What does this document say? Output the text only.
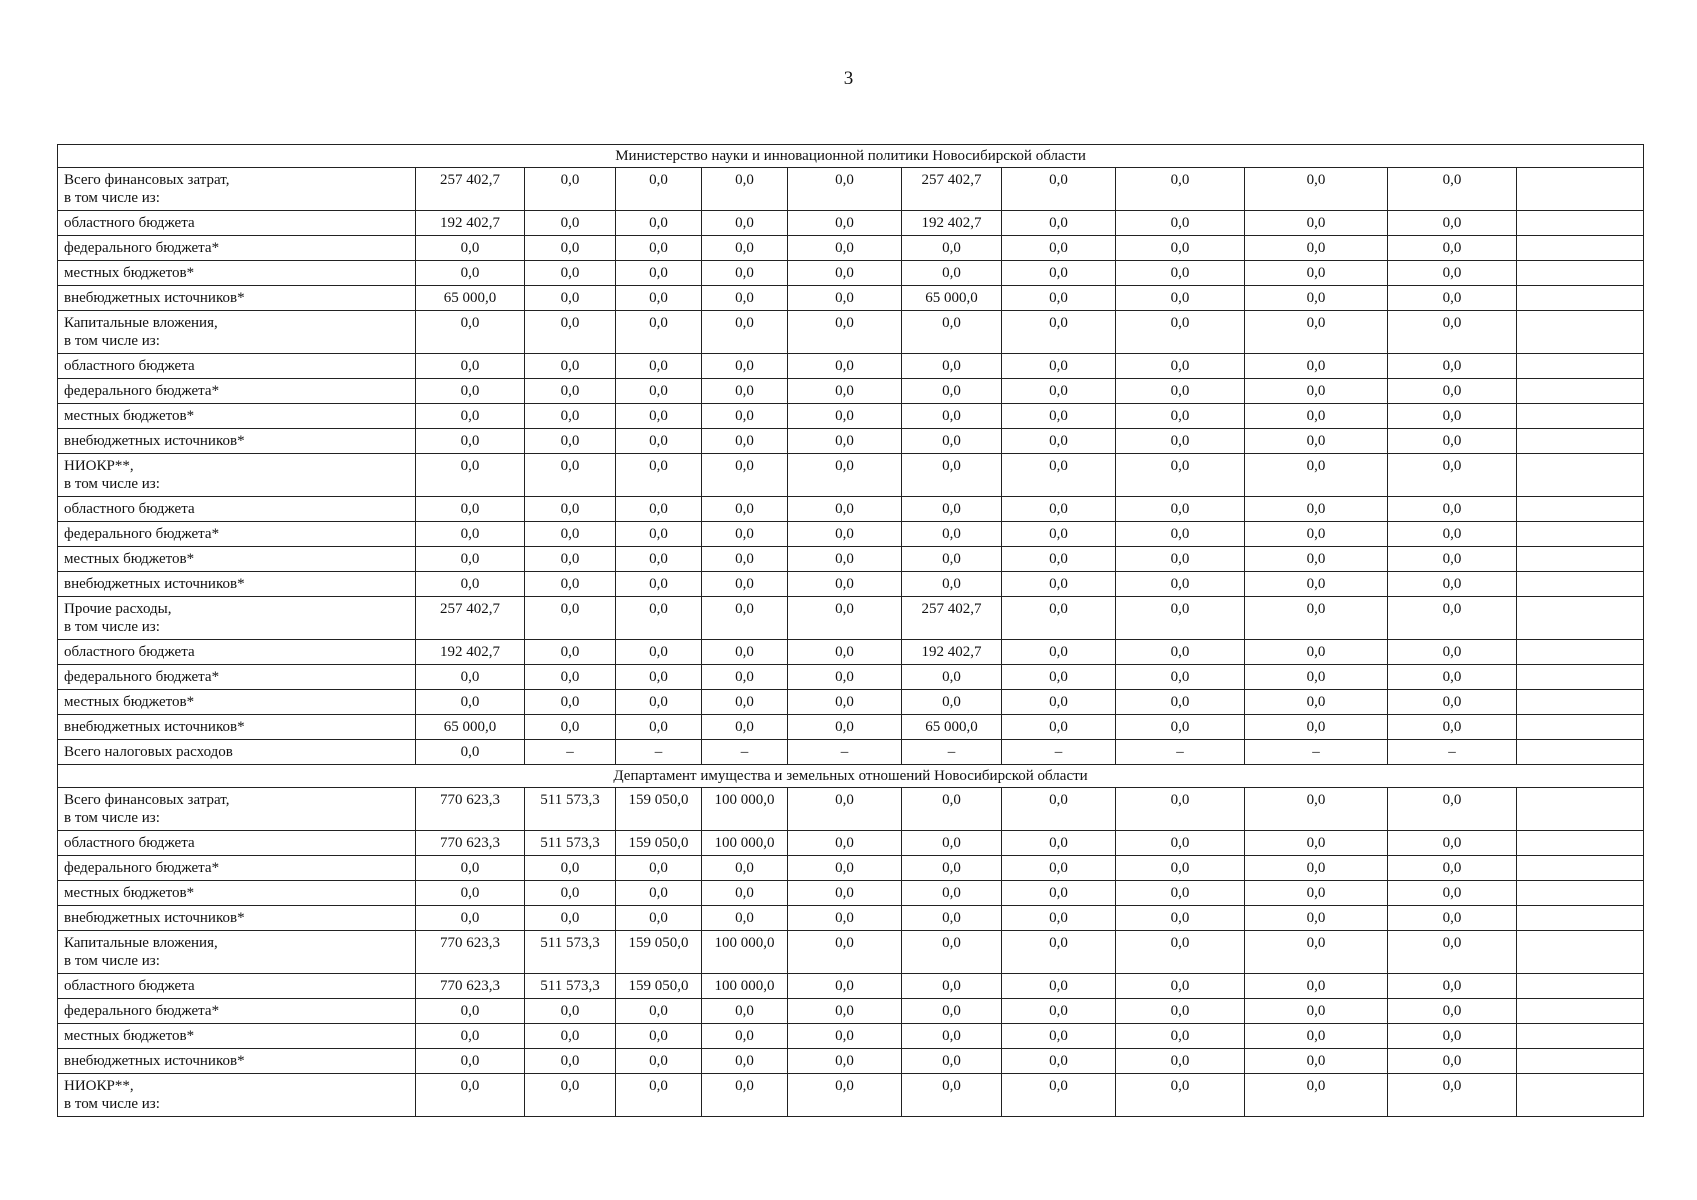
3
Министерство науки и инновационной политики Новосибирской области											

Всего финансовых затрат,
в том числе из:	257 402,7	0,0	0,0	0,0	0,0	257 402,7	0,0	0,0	0,0	0,0	

областного бюджета	192 402,7	0,0	0,0	0,0	0,0	192 402,7	0,0	0,0	0,0	0,0	

федерального бюджета*	0,0	0,0	0,0	0,0	0,0	0,0	0,0	0,0	0,0	0,0	

местных бюджетов*	0,0	0,0	0,0	0,0	0,0	0,0	0,0	0,0	0,0	0,0	

внебюджетных источников*	65 000,0	0,0	0,0	0,0	0,0	65 000,0	0,0	0,0	0,0	0,0	

Капитальные вложения,
в том числе из:	0,0	0,0	0,0	0,0	0,0	0,0	0,0	0,0	0,0	0,0	

областного бюджета	0,0	0,0	0,0	0,0	0,0	0,0	0,0	0,0	0,0	0,0	

федерального бюджета*	0,0	0,0	0,0	0,0	0,0	0,0	0,0	0,0	0,0	0,0	

местных бюджетов*	0,0	0,0	0,0	0,0	0,0	0,0	0,0	0,0	0,0	0,0	

внебюджетных источников*	0,0	0,0	0,0	0,0	0,0	0,0	0,0	0,0	0,0	0,0	

НИОКР**,
в том числе из:	0,0	0,0	0,0	0,0	0,0	0,0	0,0	0,0	0,0	0,0	

областного бюджета	0,0	0,0	0,0	0,0	0,0	0,0	0,0	0,0	0,0	0,0	

федерального бюджета*	0,0	0,0	0,0	0,0	0,0	0,0	0,0	0,0	0,0	0,0	

местных бюджетов*	0,0	0,0	0,0	0,0	0,0	0,0	0,0	0,0	0,0	0,0	

внебюджетных источников*	0,0	0,0	0,0	0,0	0,0	0,0	0,0	0,0	0,0	0,0	

Прочие расходы,
в том числе из:	257 402,7	0,0	0,0	0,0	0,0	257 402,7	0,0	0,0	0,0	0,0	

областного бюджета	192 402,7	0,0	0,0	0,0	0,0	192 402,7	0,0	0,0	0,0	0,0	

федерального бюджета*	0,0	0,0	0,0	0,0	0,0	0,0	0,0	0,0	0,0	0,0	

местных бюджетов*	0,0	0,0	0,0	0,0	0,0	0,0	0,0	0,0	0,0	0,0	

внебюджетных источников*	65 000,0	0,0	0,0	0,0	0,0	65 000,0	0,0	0,0	0,0	0,0	

Всего налоговых расходов	0,0	–	–	–	–	–	–	–	–	–	
Департамент имущества и земельных отношений Новосибирской области											

Всего финансовых затрат,
в том числе из:	770 623,3	511 573,3	159 050,0	100 000,0	0,0	0,0	0,0	0,0	0,0	0,0	

областного бюджета	770 623,3	511 573,3	159 050,0	100 000,0	0,0	0,0	0,0	0,0	0,0	0,0	

федерального бюджета*	0,0	0,0	0,0	0,0	0,0	0,0	0,0	0,0	0,0	0,0	

местных бюджетов*	0,0	0,0	0,0	0,0	0,0	0,0	0,0	0,0	0,0	0,0	

внебюджетных источников*	0,0	0,0	0,0	0,0	0,0	0,0	0,0	0,0	0,0	0,0	

Капитальные вложения,
в том числе из:	770 623,3	511 573,3	159 050,0	100 000,0	0,0	0,0	0,0	0,0	0,0	0,0	

областного бюджета	770 623,3	511 573,3	159 050,0	100 000,0	0,0	0,0	0,0	0,0	0,0	0,0	

федерального бюджета*	0,0	0,0	0,0	0,0	0,0	0,0	0,0	0,0	0,0	0,0	

местных бюджетов*	0,0	0,0	0,0	0,0	0,0	0,0	0,0	0,0	0,0	0,0	

внебюджетных источников*	0,0	0,0	0,0	0,0	0,0	0,0	0,0	0,0	0,0	0,0	

НИОКР**,
в том числе из:	0,0	0,0	0,0	0,0	0,0	0,0	0,0	0,0	0,0	0,0	
